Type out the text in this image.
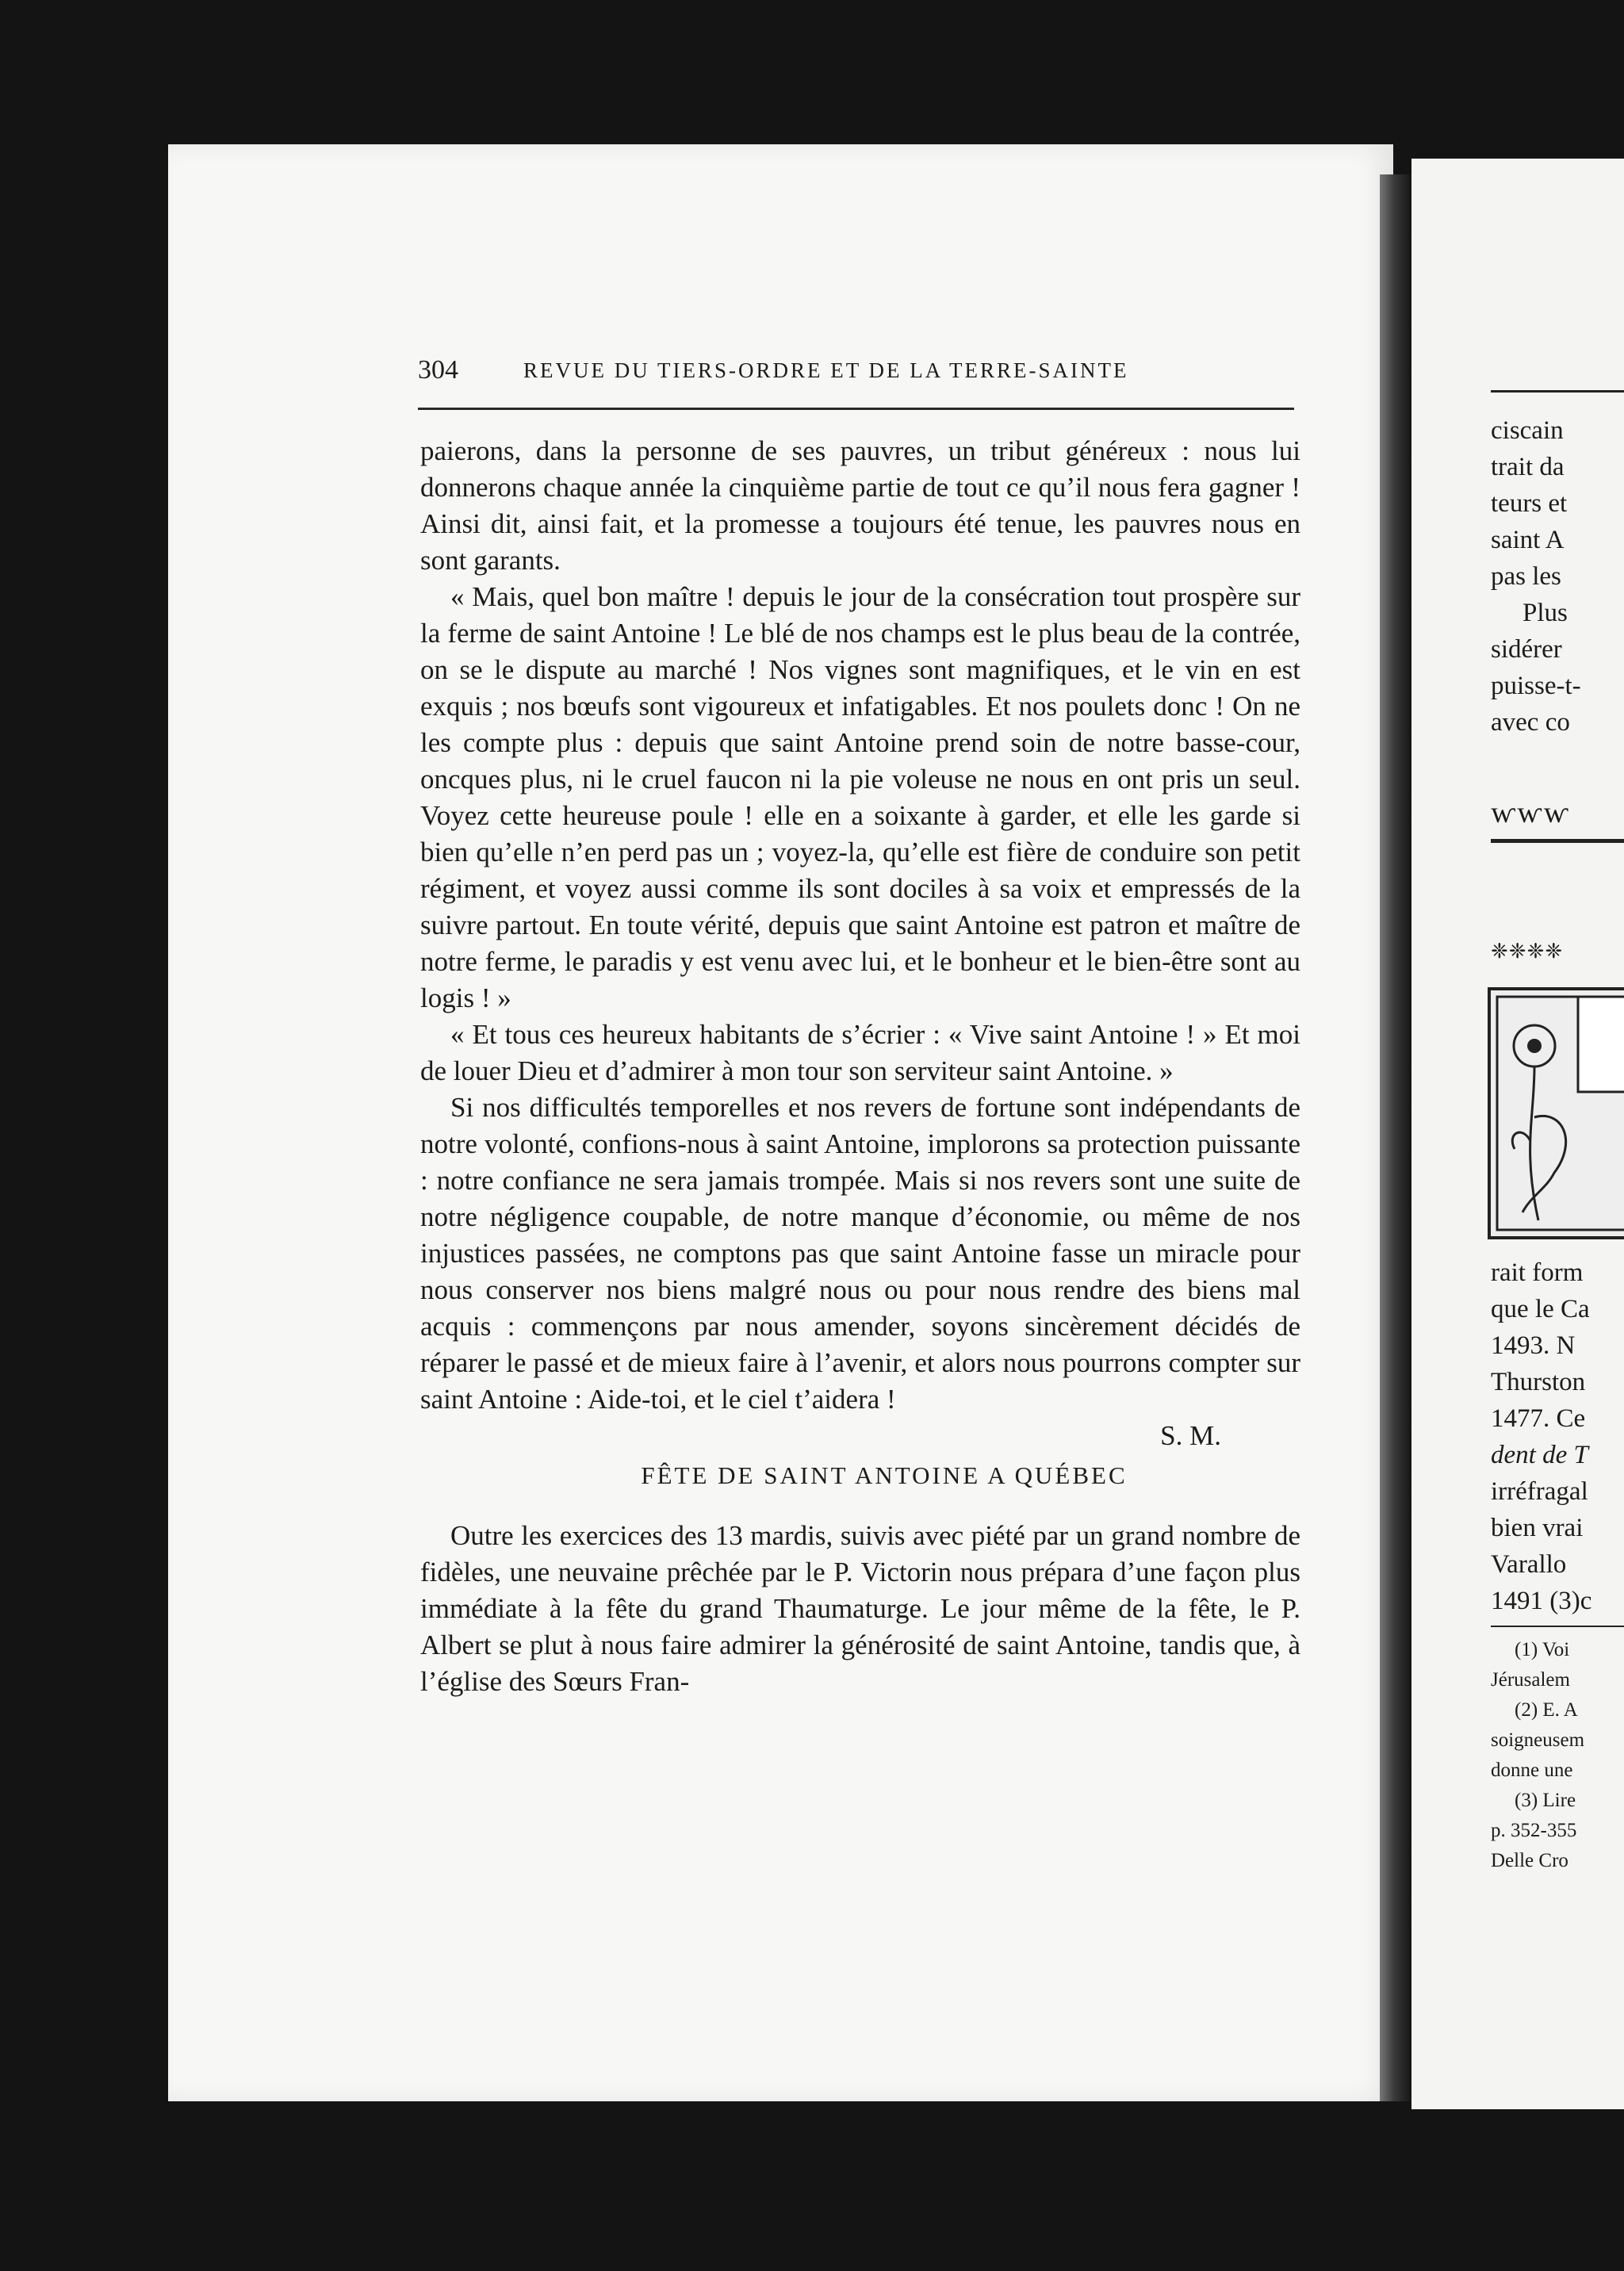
ciscain
trait da
teurs et
saint A
pas les
Plus
sidérer
puisse-t-
avec co
ⱳⱳⱳ
❈❈❈❈
rait form
que le Ca
1493. N
Thurston
1477. Ce
dent de T
irréfragal
bien vrai
Varallo
1491 (3)c
(1) Voi
Jérusalem
(2) E. A
soigneusem
donne une
(3) Lire
p. 352-355
Delle Cro
304	REVUE DU TIERS-ORDRE ET DE LA TERRE-SAINTE

paierons, dans la personne de ses pauvres, un tribut généreux : nous lui donnerons chaque année la cinquième partie de tout ce qu’il nous fera gagner ! Ainsi dit, ainsi fait, et la promesse a toujours été tenue, les pauvres nous en sont garants.

« Mais, quel bon maître ! depuis le jour de la consécration tout prospère sur la ferme de saint Antoine ! Le blé de nos champs est le plus beau de la contrée, on se le dispute au marché ! Nos vignes sont magnifiques, et le vin en est exquis ; nos bœufs sont vigoureux et infatigables. Et nos poulets donc ! On ne les compte plus : depuis que saint Antoine prend soin de notre basse-cour, oncques plus, ni le cruel faucon ni la pie voleuse ne nous en ont pris un seul. Voyez cette heureuse poule ! elle en a soixante à garder, et elle les garde si bien qu’elle n’en perd pas un ; voyez-la, qu’elle est fière de conduire son petit régiment, et voyez aussi comme ils sont dociles à sa voix et empressés de la suivre partout. En toute vérité, depuis que saint Antoine est patron et maître de notre ferme, le paradis y est venu avec lui, et le bonheur et le bien-être sont au logis ! »

« Et tous ces heureux habitants de s’écrier : « Vive saint Antoine ! » Et moi de louer Dieu et d’admirer à mon tour son serviteur saint Antoine. »

Si nos difficultés temporelles et nos revers de fortune sont indépendants de notre volonté, confions-nous à saint Antoine, implorons sa protection puissante : notre confiance ne sera jamais trompée. Mais si nos revers sont une suite de notre négligence coupable, de notre manque d’économie, ou même de nos injustices passées, ne comptons pas que saint Antoine fasse un miracle pour nous conserver nos biens malgré nous ou pour nous rendre des biens mal acquis : commençons par nous amender, soyons sincèrement décidés de réparer le passé et de mieux faire à l’avenir, et alors nous pourrons compter sur saint Antoine : Aide-toi, et le ciel t’aidera !

S. M.

FÊTE DE SAINT ANTOINE A QUÉBEC

Outre les exercices des 13 mardis, suivis avec piété par un grand nombre de fidèles, une neuvaine prêchée par le P. Victorin nous prépara d’une façon plus immédiate à la fête du grand Thaumaturge. Le jour même de la fête, le P. Albert se plut à nous faire admirer la générosité de saint Antoine, tandis que, à l’église des Sœurs Fran-
